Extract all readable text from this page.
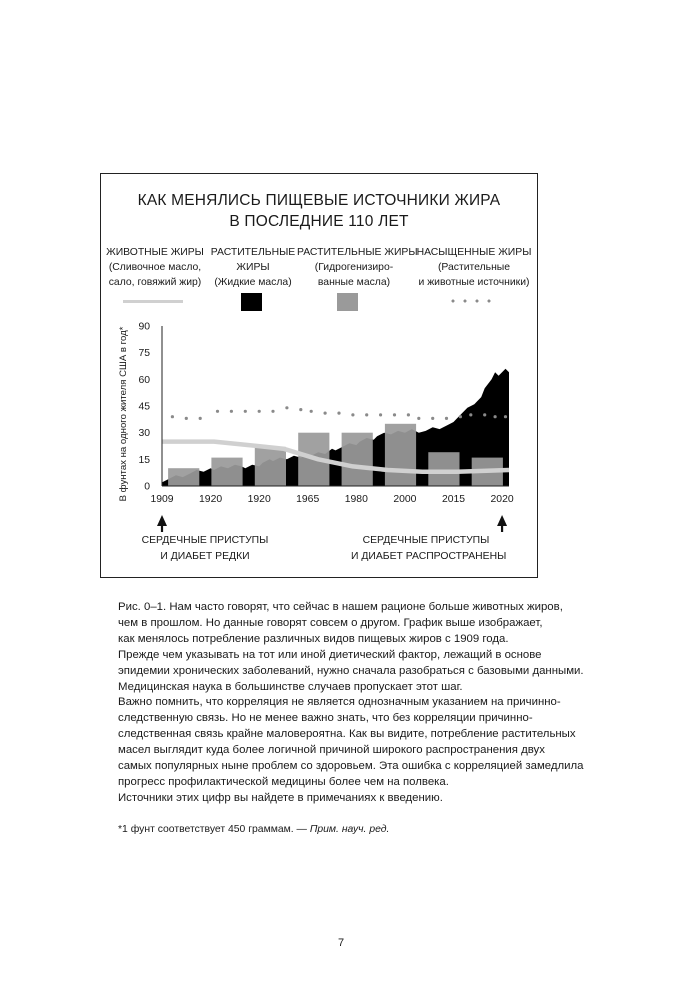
КАК МЕНЯЛИСЬ ПИЩЕВЫЕ ИСТОЧНИКИ ЖИРА
В ПОСЛЕДНИЕ 110 ЛЕТ
ЖИВОТНЫЕ ЖИРЫ
(Сливочное масло,
сало, говяжий жир)
РАСТИТЕЛЬНЫЕ
ЖИРЫ
(Жидкие масла)
РАСТИТЕЛЬНЫЕ ЖИРЫ
(Гидрогенизиро-
ванные масла)
НАСЫЩЕННЫЕ ЖИРЫ
(Растительные
и животные источники)
В фунтах на одного жителя США в год* 0
15
30
45
60
75
90
1909 1920 1920 1965 1980 2000 2015 2020
СЕРДЕЧНЫЕ ПРИСТУПЫ
И ДИАБЕТ РЕДКИ
СЕРДЕЧНЫЕ ПРИСТУПЫ
И ДИАБЕТ РАСПРОСТРАНЕНЫ

Рис. 0–1. Нам часто говорят, что сейчас в нашем рационе больше животных жиров,

чем в прошлом. Но данные говорят совсем о другом. График выше изображает,

как менялось потребление различных видов пищевых жиров с 1909 года.

Прежде чем указывать на тот или иной диетический фактор, лежащий в основе

эпидемии хронических заболеваний, нужно сначала разобраться с базовыми данными.

Медицинская наука в большинстве случаев пропускает этот шаг.

Важно помнить, что корреляция не является однозначным указанием на причинно-

следственную связь. Но не менее важно знать, что без корреляции причинно-

следственная связь крайне маловероятна. Как вы видите, потребление растительных

масел выглядит куда более логичной причиной широкого распространения двух

самых популярных ныне проблем со здоровьем. Эта ошибка с корреляцией замедлила

прогресс профилактической медицины более чем на полвека.

Источники этих цифр вы найдете в примечаниях к введению.

*1 фунт соответствует 450 граммам. — Прим. науч. ред.
7
